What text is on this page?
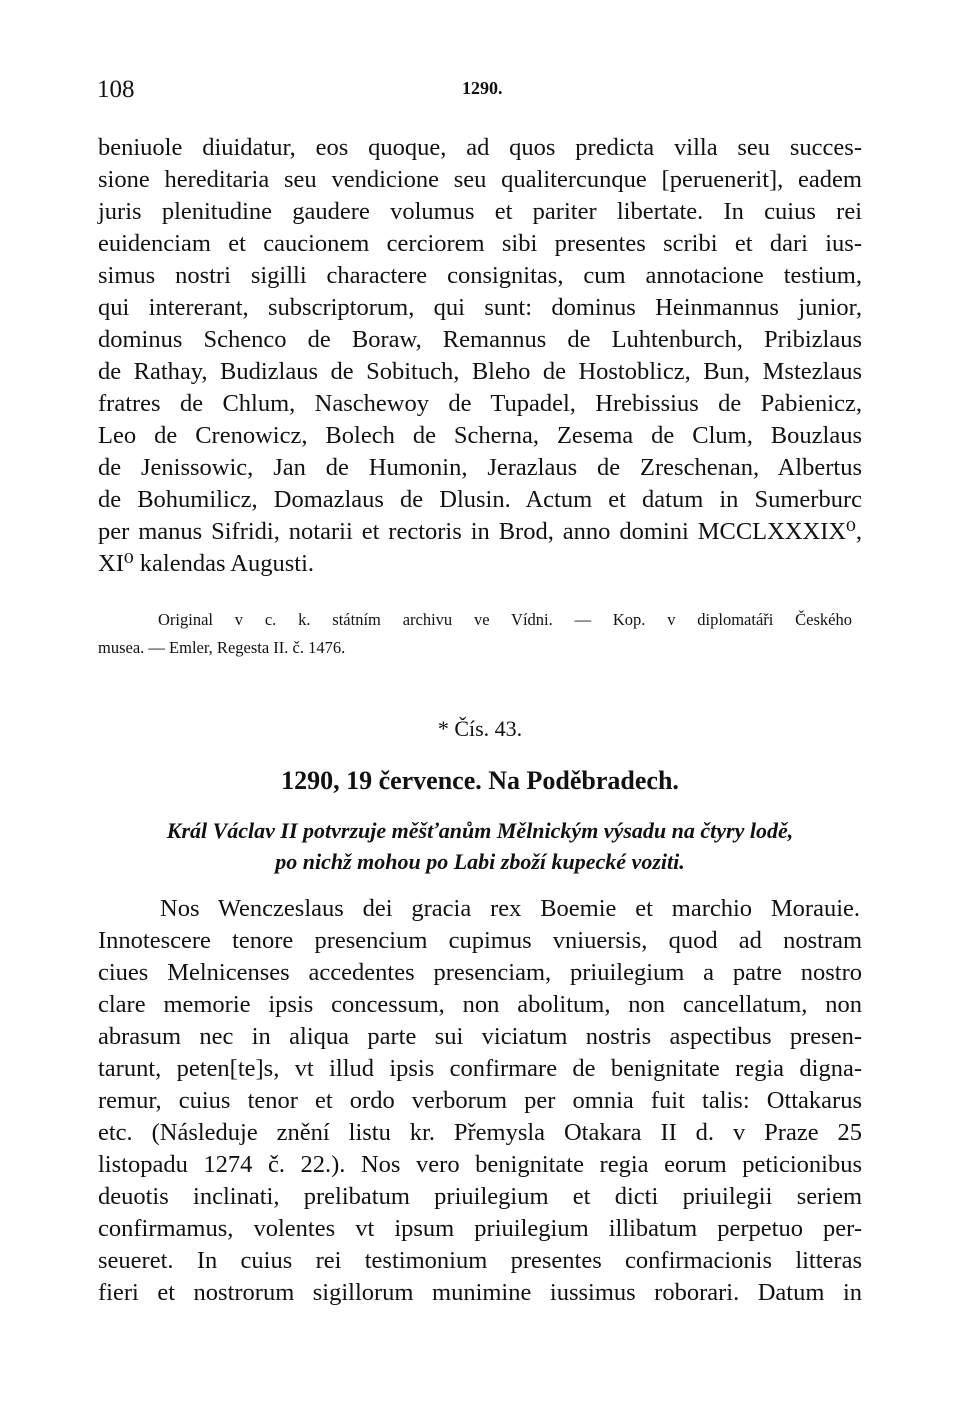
108	1290.
beniuole diuidatur, eos quoque, ad quos predicta villa seu succes-
sione hereditaria seu vendicione seu qualitercunque [peruenerit], eadem
juris plenitudine gaudere volumus et pariter libertate. In cuius rei
euidenciam et caucionem cerciorem sibi presentes scribi et dari ius-
simus nostri sigilli charactere consignitas, cum annotacione testium,
qui intererant, subscriptorum, qui sunt: dominus Heinmannus junior,
dominus Schenco de Boraw, Remannus de Luhtenburch, Pribizlaus
de Rathay, Budizlaus de Sobituch, Bleho de Hostoblicz, Bun, Mstezlaus
fratres de Chlum, Naschewoy de Tupadel, Hrebissius de Pabienicz,
Leo de Crenowicz, Bolech de Scherna, Zesema de Clum, Bouzlaus
de Jenissowic, Jan de Humonin, Jerazlaus de Zreschenan, Albertus
de Bohumilicz, Domazlaus de Dlusin. Actum et datum in Sumerburc
per manus Sifridi, notarii et rectoris in Brod, anno domini MCCLXXXIX⁰,
XI⁰ kalendas Augusti.
Original v c. k. státním archivu ve Vídni. — Kop. v diplomatáři Českého
musea. — Emler, Regesta II. č. 1476.
* Čís. 43.
1290, 19 července. Na Poděbradech.
Král Václav II potvrzuje měšťanům Mělnickým výsadu na čtyry lodě,
po nichž mohou po Labi zboží kupecké voziti.
Nos Wenczeslaus dei gracia rex Boemie et marchio Morauie.
Innotescere tenore presencium cupimus vniuersis, quod ad nostram
ciues Melnicenses accedentes presenciam, priuilegium a patre nostro
clare memorie ipsis concessum, non abolitum, non cancellatum, non
abrasum nec in aliqua parte sui viciatum nostris aspectibus presen-
tarunt, peten[te]s, vt illud ipsis confirmare de benignitate regia digna-
remur, cuius tenor et ordo verborum per omnia fuit talis: Ottakarus
etc. (Následuje znění listu kr. Přemysla Otakara II d. v Praze 25
listopadu 1274 č. 22.). Nos vero benignitate regia eorum peticionibus
deuotis inclinati, prelibatum priuilegium et dicti priuilegii seriem
confirmamus, volentes vt ipsum priuilegium illibatum perpetuo per-
seueret. In cuius rei testimonium presentes confirmacionis litteras
fieri et nostrorum sigillorum munimine iussimus roborari. Datum in
